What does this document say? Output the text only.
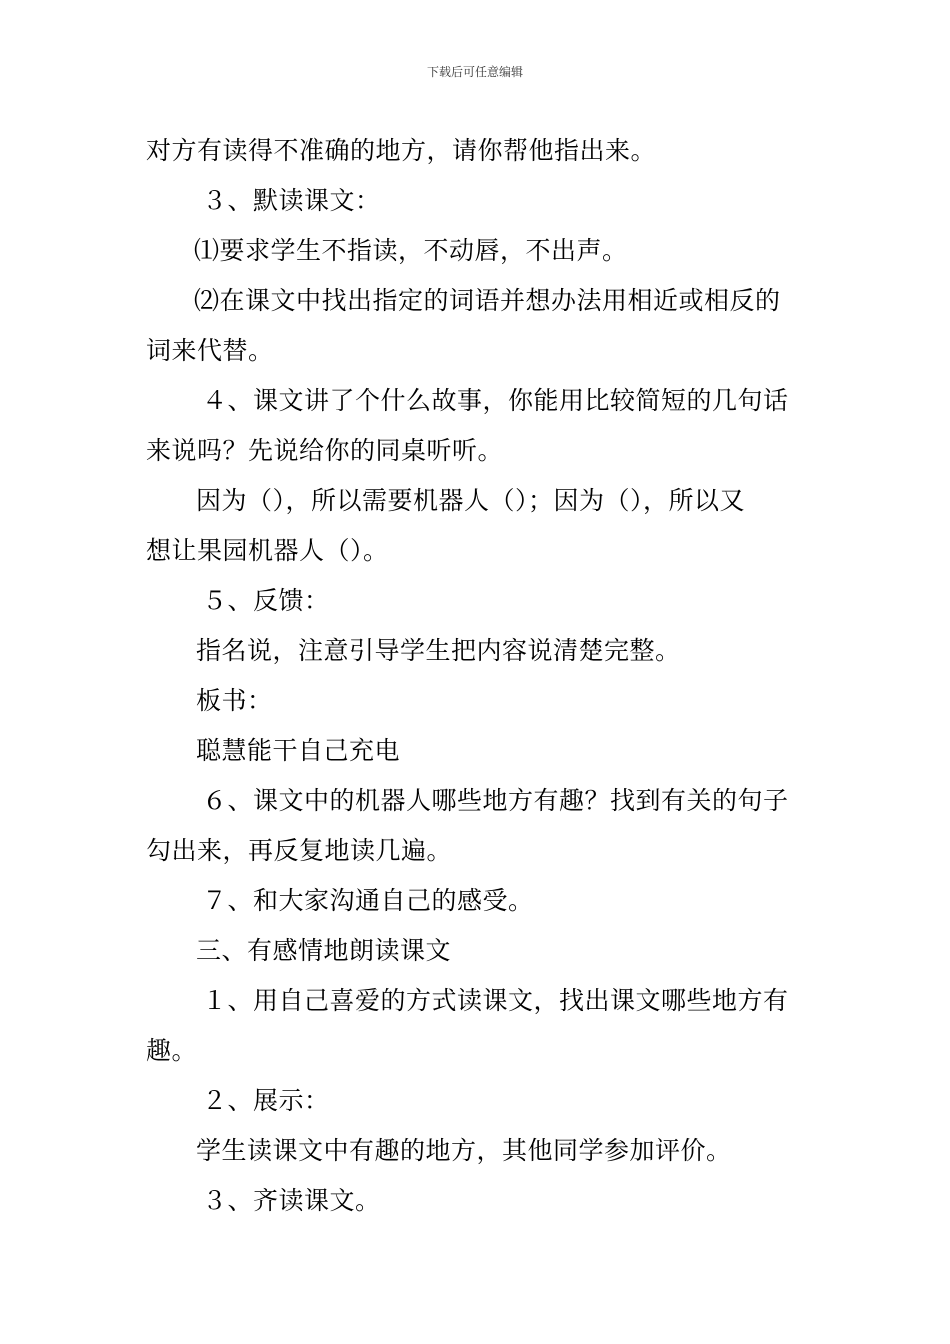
下载后可任意编辑
对方有读得不准确的地方，请你帮他指出来。
３、默读课文：
⑴要求学生不指读，不动唇，不出声。
⑵在课文中找出指定的词语并想办法用相近或相反的
词来代替。
４、课文讲了个什么故事，你能用比较简短的几句话
来说吗？先说给你的同桌听听。
因为（），所以需要机器人（）；因为（），所以又
想让果园机器人（）。
５、反馈：
指名说，注意引导学生把内容说清楚完整。
板书：
聪慧能干自己充电
６、课文中的机器人哪些地方有趣？找到有关的句子
勾出来，再反复地读几遍。
７、和大家沟通自己的感受。
三、有感情地朗读课文
１、用自己喜爱的方式读课文，找出课文哪些地方有
趣。
２、展示：
学生读课文中有趣的地方，其他同学参加评价。
３、齐读课文。
